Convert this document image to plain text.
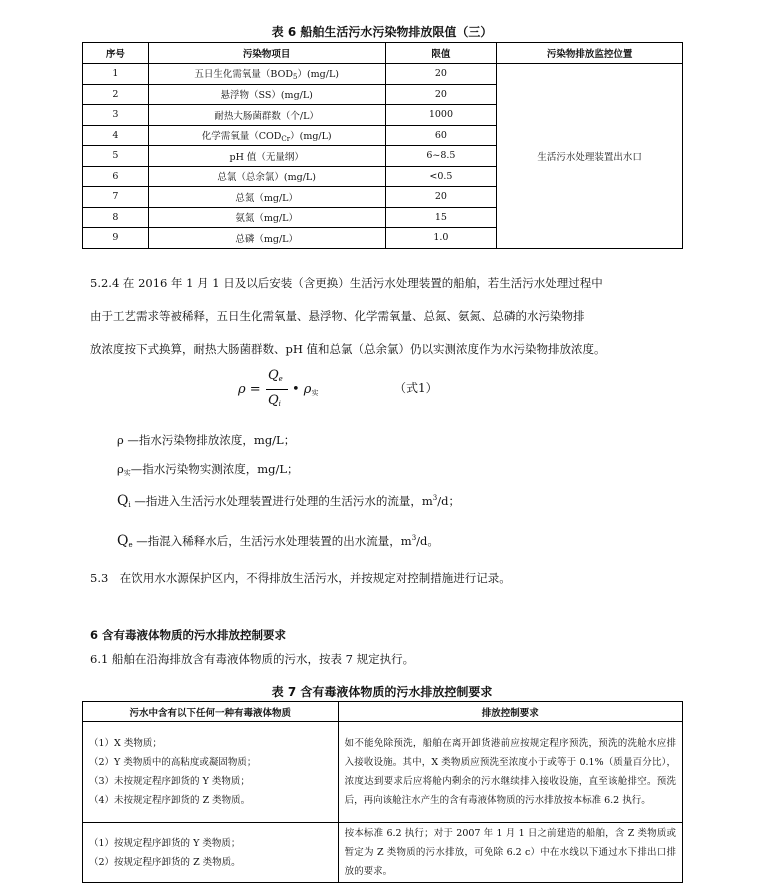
表 6 船舶生活污水污染物排放限值（三）
序号	污染物项目	限值	污染物排放监控位置
1	五日生化需氧量$(BOD_5)(mg/L)$	20	生活污水处理装置出水口
2	悬浮物（SS）(mg/L)	20	
3	耐热大肠菌群数（个/L）	1000	
4	化学需氧量$(COD_{Cr})(mg/L)$	60	
5	pH 值（无量纲）	6~8.5	
6	总氯（总余氯）(mg/L)	<0.5	
7	总氮（mg/L）	20	
8	氨氮（mg/L）	15	
9	总磷（mg/L）	1.0	
5.2.4 在 2016 年 1 月 1 日及以后安装（含更换）生活污水处理装置的船舶，若生活污水处理过程中
由于工艺需求等被稀释，五日生化需氧量、悬浮物、化学需氧量、总氮、氨氮、总磷的水污染物排
放浓度按下式换算，耐热大肠菌群数、pH 值和总氯（总余氯）仍以实测浓度作为水污染物排放浓度。
ρ =
$Q_e$
$Q_i$
• $\rho_实$	（式1）
ρ —指水污染物排放浓度，mg/L；
$\rho_实—$指水污染物实测浓度，mg/L；
$Q_i$ —指进入生活污水处理装置进行处理的生活污水的流量，$m^3/d$；
$Q_e$ —指混入稀释水后，生活污水处理装置的出水流量，$m^3/d$。
5.3　在饮用水水源保护区内，不得排放生活污水，并按规定对控制措施进行记录。
6 含有毒液体物质的污水排放控制要求
6.1 船舶在沿海排放含有毒液体物质的污水，按表 7 规定执行。
表 7 含有毒液体物质的污水排放控制要求
污水中含有以下任何一种有毒液体物质	排放控制要求

（1）X 类物质；
（2）Y 类物质中的高粘度或凝固物质；
（3）未按规定程序卸货的 Y 类物质；
（4）未按规定程序卸货的 Z 类物质。	如不能免除预洗，船舶在离开卸货港前应按规定程序预洗，预洗的洗舱水应排入接收设施。其中，X 类物质应预洗至浓度小于或等于 0.1%（质量百分比），浓度达到要求后应将舱内剩余的污水继续排入接收设施，直至该舱排空。预洗后，再向该舱注水产生的含有毒液体物质的污水排放按本标准 6.2 执行。

（1）按规定程序卸货的 Y 类物质；
（2）按规定程序卸货的 Z 类物质。	按本标准 6.2 执行；对于 2007 年 1 月 1 日之前建造的船舶，含 Z 类物质或暂定为 Z 类物质的污水排放，可免除 6.2 c）中在水线以下通过水下排出口排放的要求。
